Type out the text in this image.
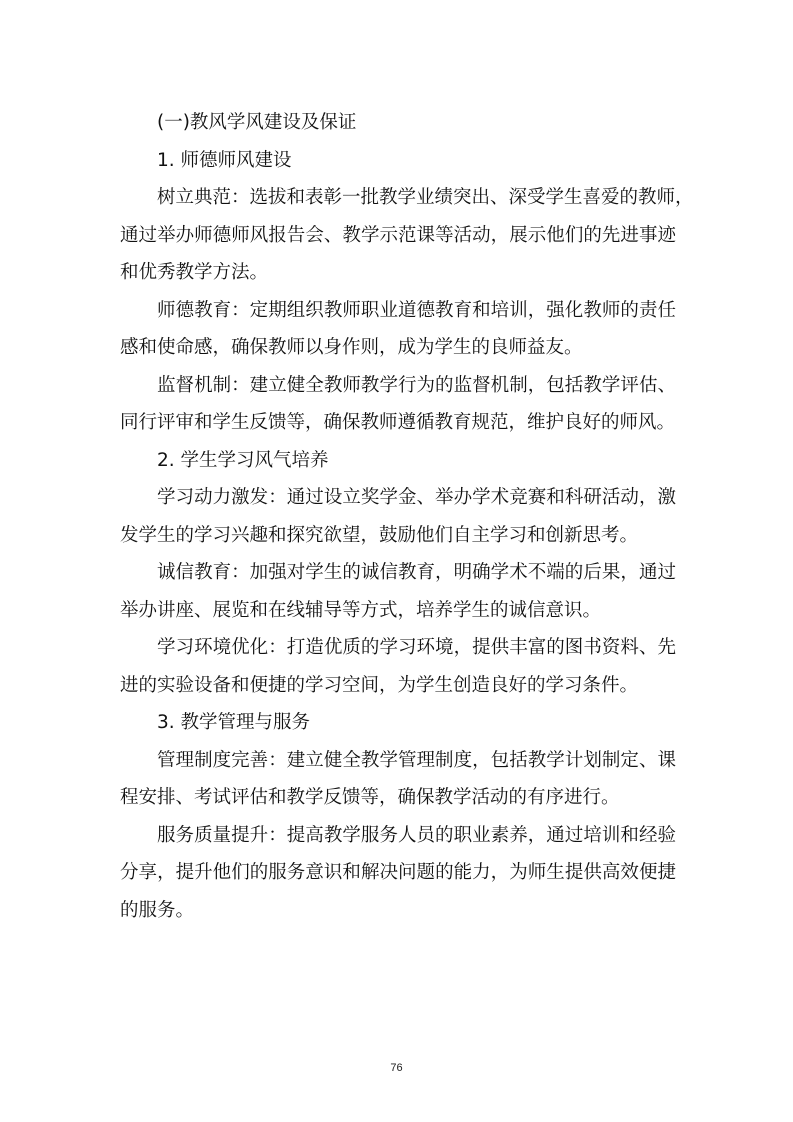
(一)教风学风建设及保证
1. 师德师风建设
树立典范：选拔和表彰一批教学业绩突出、深受学生喜爱的教师，
通过举办师德师风报告会、教学示范课等活动，展示他们的先进事迹
和优秀教学方法。
师德教育：定期组织教师职业道德教育和培训，强化教师的责任
感和使命感，确保教师以身作则，成为学生的良师益友。
监督机制：建立健全教师教学行为的监督机制，包括教学评估、
同行评审和学生反馈等，确保教师遵循教育规范，维护良好的师风。
2. 学生学习风气培养
学习动力激发：通过设立奖学金、举办学术竞赛和科研活动，激
发学生的学习兴趣和探究欲望，鼓励他们自主学习和创新思考。
诚信教育：加强对学生的诚信教育，明确学术不端的后果，通过
举办讲座、展览和在线辅导等方式，培养学生的诚信意识。
学习环境优化：打造优质的学习环境，提供丰富的图书资料、先
进的实验设备和便捷的学习空间，为学生创造良好的学习条件。
3. 教学管理与服务
管理制度完善：建立健全教学管理制度，包括教学计划制定、课
程安排、考试评估和教学反馈等，确保教学活动的有序进行。
服务质量提升：提高教学服务人员的职业素养，通过培训和经验
分享，提升他们的服务意识和解决问题的能力，为师生提供高效便捷
的服务。
76
